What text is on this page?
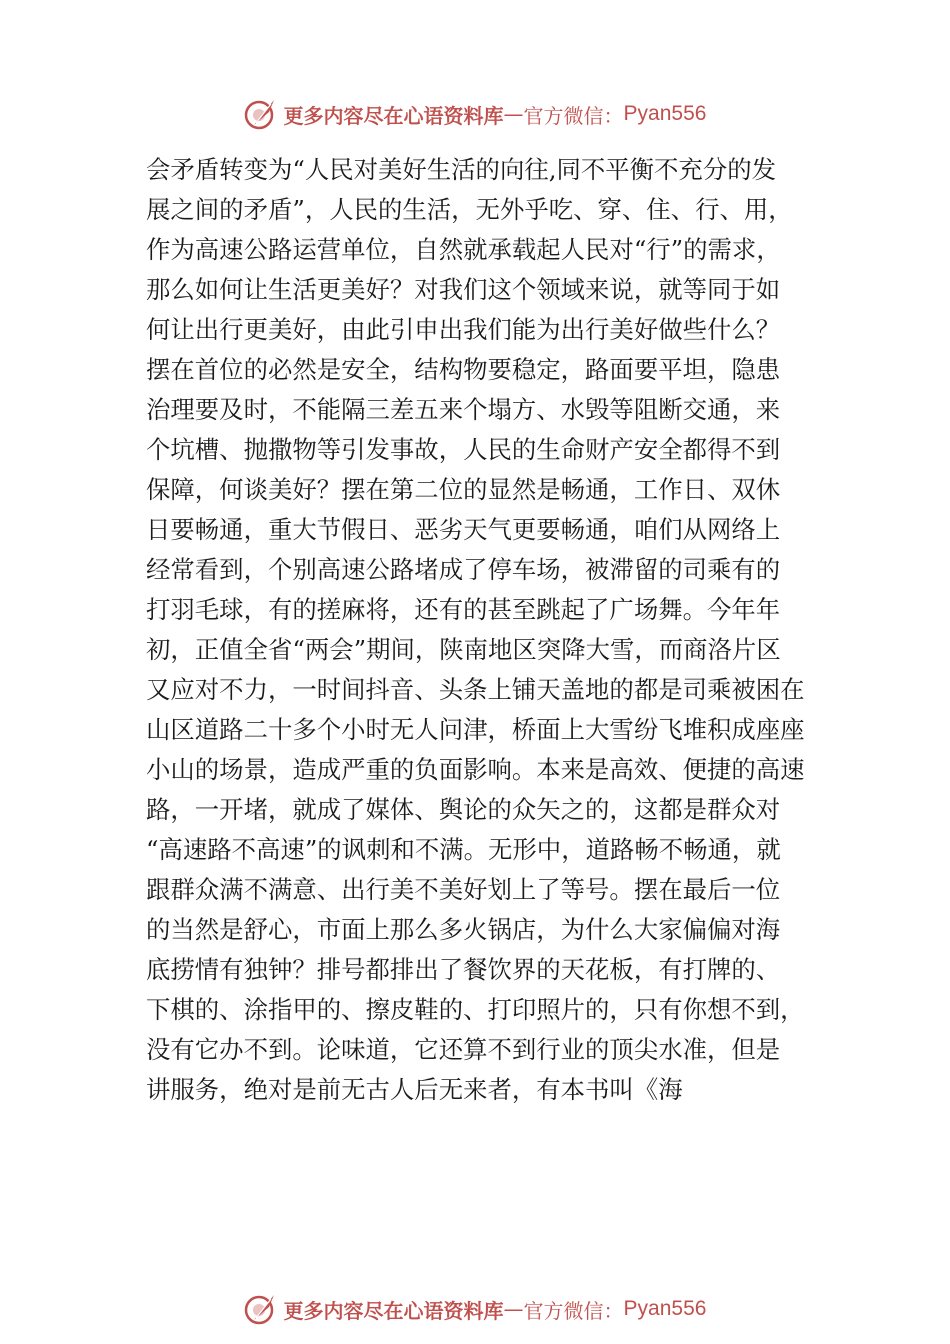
更多内容尽在心语资料库 — 官方微信： Pyan556
会矛盾转变为“人民对美好生活的向往,同不平衡不充分的发
展之间的矛盾”，人民的生活，无外乎吃、穿、住、行、用，
作为高速公路运营单位，自然就承载起人民对“行”的需求，
那么如何让生活更美好？对我们这个领域来说，就等同于如
何让出行更美好，由此引申出我们能为出行美好做些什么？
摆在首位的必然是安全，结构物要稳定，路面要平坦，隐患
治理要及时，不能隔三差五来个塌方、水毁等阻断交通，来
个坑槽、抛撒物等引发事故，人民的生命财产安全都得不到
保障，何谈美好？摆在第二位的显然是畅通，工作日、双休
日要畅通，重大节假日、恶劣天气更要畅通，咱们从网络上
经常看到，个别高速公路堵成了停车场，被滞留的司乘有的
打羽毛球，有的搓麻将，还有的甚至跳起了广场舞。今年年
初，正值全省“两会”期间，陕南地区突降大雪，而商洛片区
又应对不力，一时间抖音、头条上铺天盖地的都是司乘被困在
山区道路二十多个小时无人问津，桥面上大雪纷飞堆积成座座
小山的场景，造成严重的负面影响。本来是高效、便捷的高速
路，一开堵，就成了媒体、舆论的众矢之的，这都是群众对
“高速路不高速”的讽刺和不满。无形中，道路畅不畅通，就
跟群众满不满意、出行美不美好划上了等号。摆在最后一位
的当然是舒心，市面上那么多火锅店，为什么大家偏偏对海
底捞情有独钟？排号都排出了餐饮界的天花板，有打牌的、
下棋的、涂指甲的、擦皮鞋的、打印照片的，只有你想不到，
没有它办不到。论味道，它还算不到行业的顶尖水准，但是
讲服务，绝对是前无古人后无来者，有本书叫《海
更多内容尽在心语资料库 — 官方微信： Pyan556
